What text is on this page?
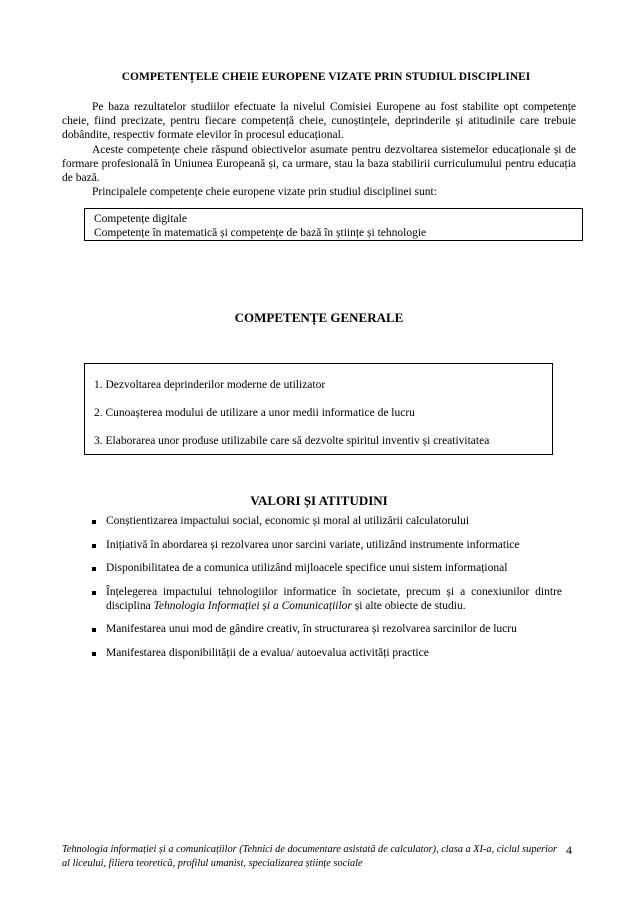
COMPETENȚELE CHEIE EUROPENE VIZATE PRIN STUDIUL DISCIPLINEI

Pe baza rezultatelor studiilor efectuate la nivelul Comisiei Europene au fost stabilite opt competențe cheie, fiind precizate, pentru fiecare competență cheie, cunoștințele, deprinderile și atitudinile care trebuie dobândite, respectiv formate elevilor în procesul educațional.

Aceste competențe cheie răspund obiectivelor asumate pentru dezvoltarea sistemelor educaționale și de formare profesională în Uniunea Europeană și, ca urmare, stau la baza stabilirii curriculumului pentru educația de bază.

Principalele competențe cheie europene vizate prin studiul disciplinei sunt:

Competențe digitale
Competențe în matematică și competențe de bază în științe și tehnologie
COMPETENȚE GENERALE
1. Dezvoltarea deprinderilor moderne de utilizator
2. Cunoașterea modului de utilizare a unor medii informatice de lucru
3. Elaborarea unor produse utilizabile care să dezvolte spiritul inventiv și creativitatea
VALORI ȘI ATITUDINI
Conștientizarea impactului social, economic și moral al utilizării calculatorului
Inițiativă în abordarea și rezolvarea unor sarcini variate, utilizând instrumente informatice
Disponibilitatea de a comunica utilizând mijloacele specifice unui sistem informațional
Înțelegerea impactului tehnologiilor informatice în societate, precum și a conexiunilor dintre disciplina Tehnologia Informației și a Comunicațiilor și alte obiecte de studiu.
Manifestarea unui mod de gândire creativ, în structurarea și rezolvarea sarcinilor de lucru
Manifestarea disponibilității de a evalua/ autoevalua activități practice
Tehnologia informației și a comunicațiilor (Tehnici de documentare asistată de calculator), clasa a XI-a, ciclul superior al liceului, filiera teoretică, profilul umanist, specializarea științe sociale
4
